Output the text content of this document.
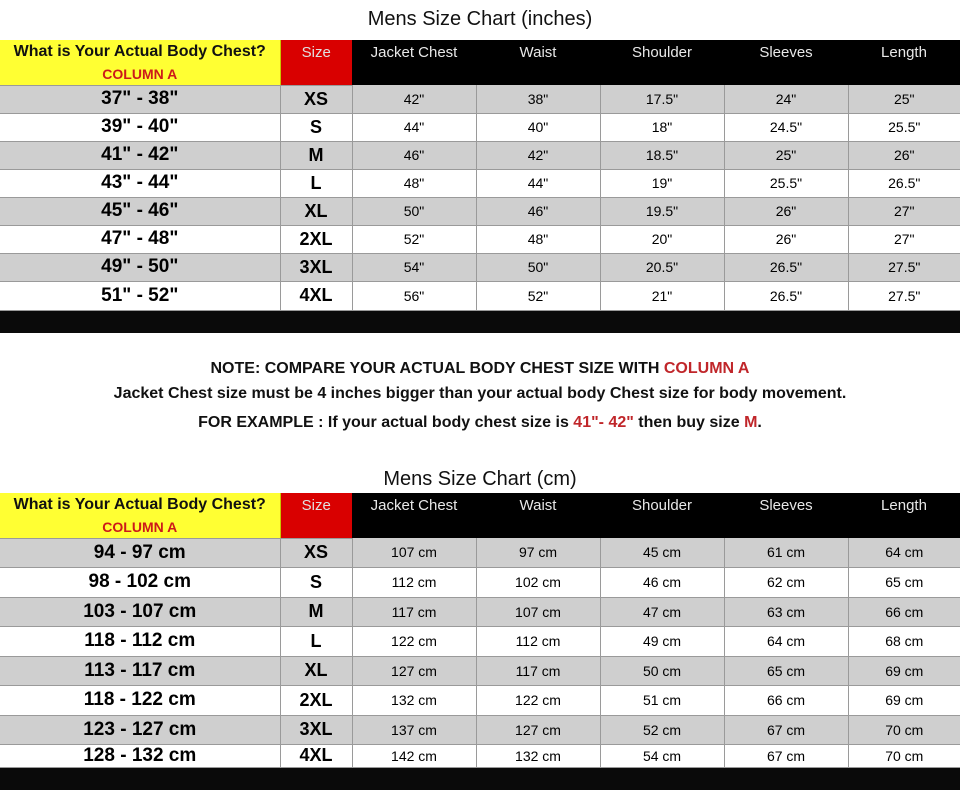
Mens Size Chart (inches)
What is Your Actual Body Chest?	Size	Jacket Chest	Waist	Shoulder	Sleeves	Length
COLUMN A						
37" - 38"	XS	42"	38"	17.5"	24"	25"
39" - 40"	S	44"	40"	18"	24.5"	25.5"
41" - 42"	M	46"	42"	18.5"	25"	26"
43" - 44"	L	48"	44"	19"	25.5"	26.5"
45" - 46"	XL	50"	46"	19.5"	26"	27"
47" - 48"	2XL	52"	48"	20"	26"	27"
49" - 50"	3XL	54"	50"	20.5"	26.5"	27.5"
51" - 52"	4XL	56"	52"	21"	26.5"	27.5"
NOTE: COMPARE YOUR ACTUAL BODY CHEST SIZE WITH COLUMN A
Jacket Chest size must be 4 inches bigger than your actual body Chest size for body movement.
FOR EXAMPLE : If your actual body chest size is 41"- 42" then buy size M.
Mens Size Chart (cm)
What is Your Actual Body Chest?	Size	Jacket Chest	Waist	Shoulder	Sleeves	Length
COLUMN A						
94 - 97 cm	XS	107 cm	97 cm	45 cm	61 cm	64 cm
98 - 102 cm	S	112 cm	102 cm	46 cm	62 cm	65 cm
103 - 107 cm	M	117 cm	107 cm	47 cm	63 cm	66 cm
118 - 112 cm	L	122 cm	112 cm	49 cm	64 cm	68 cm
113 - 117 cm	XL	127 cm	117 cm	50 cm	65 cm	69 cm
118 - 122 cm	2XL	132 cm	122 cm	51 cm	66 cm	69 cm
123 - 127 cm	3XL	137 cm	127 cm	52 cm	67 cm	70 cm
128 - 132 cm	4XL	142 cm	132 cm	54 cm	67 cm	70 cm
